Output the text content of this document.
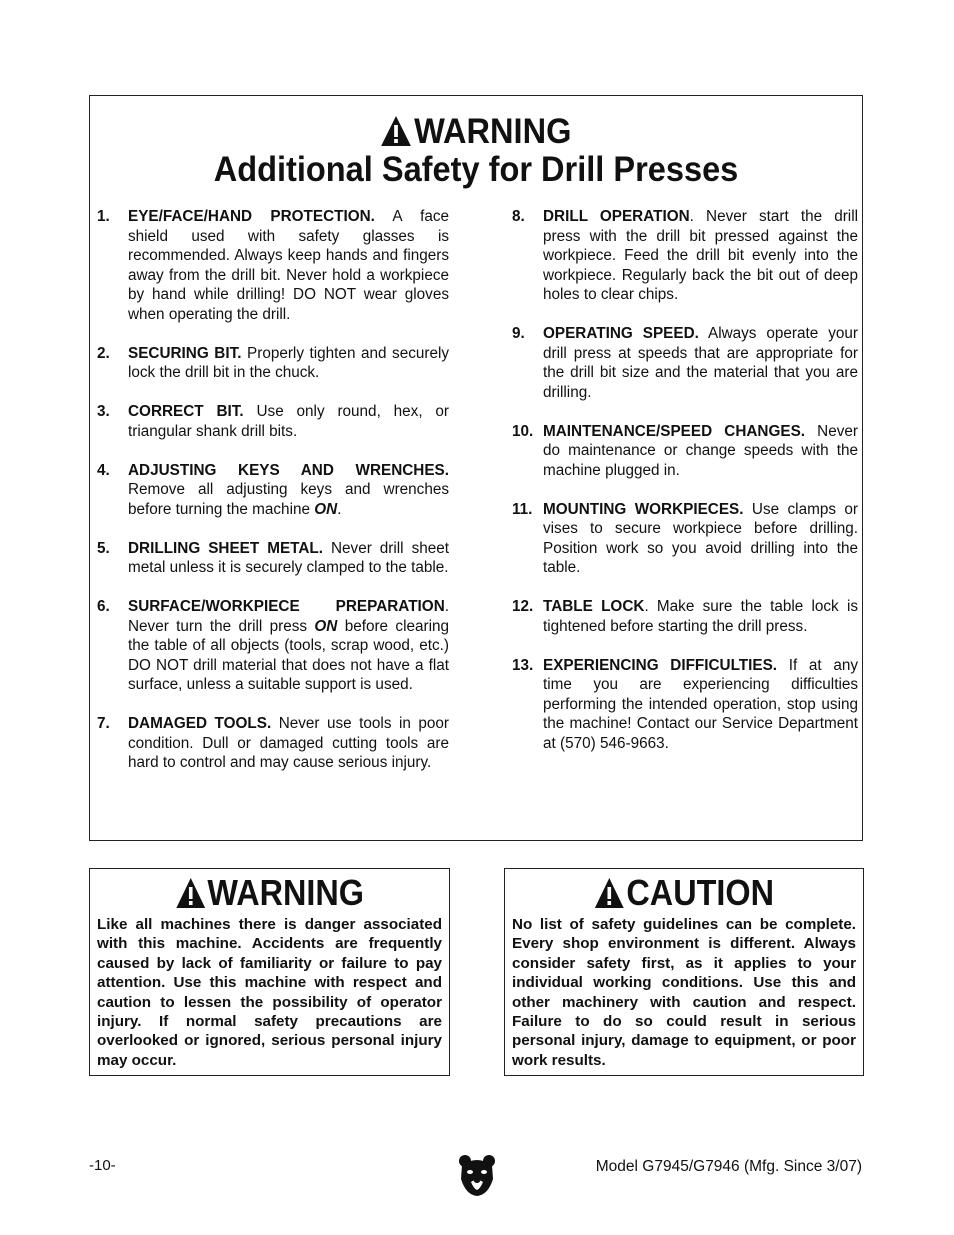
WARNING
Additional Safety for Drill Presses
1.	EYE/FACE/HAND PROTECTION. A face shield used with safety glasses is recommended. Always keep hands and fingers away from the drill bit. Never hold a workpiece by hand while drilling! DO NOT wear gloves when operating the drill.
2.	SECURING BIT. Properly tighten and securely lock the drill bit in the chuck.
3.	CORRECT BIT. Use only round, hex, or triangular shank drill bits.
4.	ADJUSTING KEYS AND WRENCHES. Remove all adjusting keys and wrenches before turning the machine ON.
5.	DRILLING SHEET METAL. Never drill sheet metal unless it is securely clamped to the table.
6.	SURFACE/WORKPIECE PREPARATION. Never turn the drill press ON before clearing the table of all objects (tools, scrap wood, etc.) DO NOT drill material that does not have a flat surface, unless a suitable support is used.
7.	DAMAGED TOOLS. Never use tools in poor condition. Dull or damaged cutting tools are hard to control and may cause serious injury.
8.	DRILL OPERATION. Never start the drill press with the drill bit pressed against the workpiece. Feed the drill bit evenly into the workpiece. Regularly back the bit out of deep holes to clear chips.
9.	OPERATING SPEED. Always operate your drill press at speeds that are appropriate for the drill bit size and the material that you are drilling.
10. MAINTENANCE/SPEED CHANGES. Never do maintenance or change speeds with the machine plugged in.
11. MOUNTING WORKPIECES. Use clamps or vises to secure workpiece before drilling. Position work so you avoid drilling into the table.
12. TABLE LOCK. Make sure the table lock is tightened before starting the drill press.
13. EXPERIENCING DIFFICULTIES. If at any time you are experiencing difficulties performing the intended operation, stop using the machine! Contact our Service Department at (570) 546-9663.
WARNING
Like all machines there is danger associated with this machine. Accidents are frequently caused by lack of familiarity or failure to pay attention. Use this machine with respect and caution to lessen the possibility of operator injury. If normal safety precautions are overlooked or ignored, serious personal injury may occur.
CAUTION
No list of safety guidelines can be complete. Every shop environment is different. Always consider safety first, as it applies to your individual working conditions. Use this and other machinery with caution and respect. Failure to do so could result in serious personal injury, damage to equipment, or poor work results.
-10-	Model G7945/G7946 (Mfg. Since 3/07)
